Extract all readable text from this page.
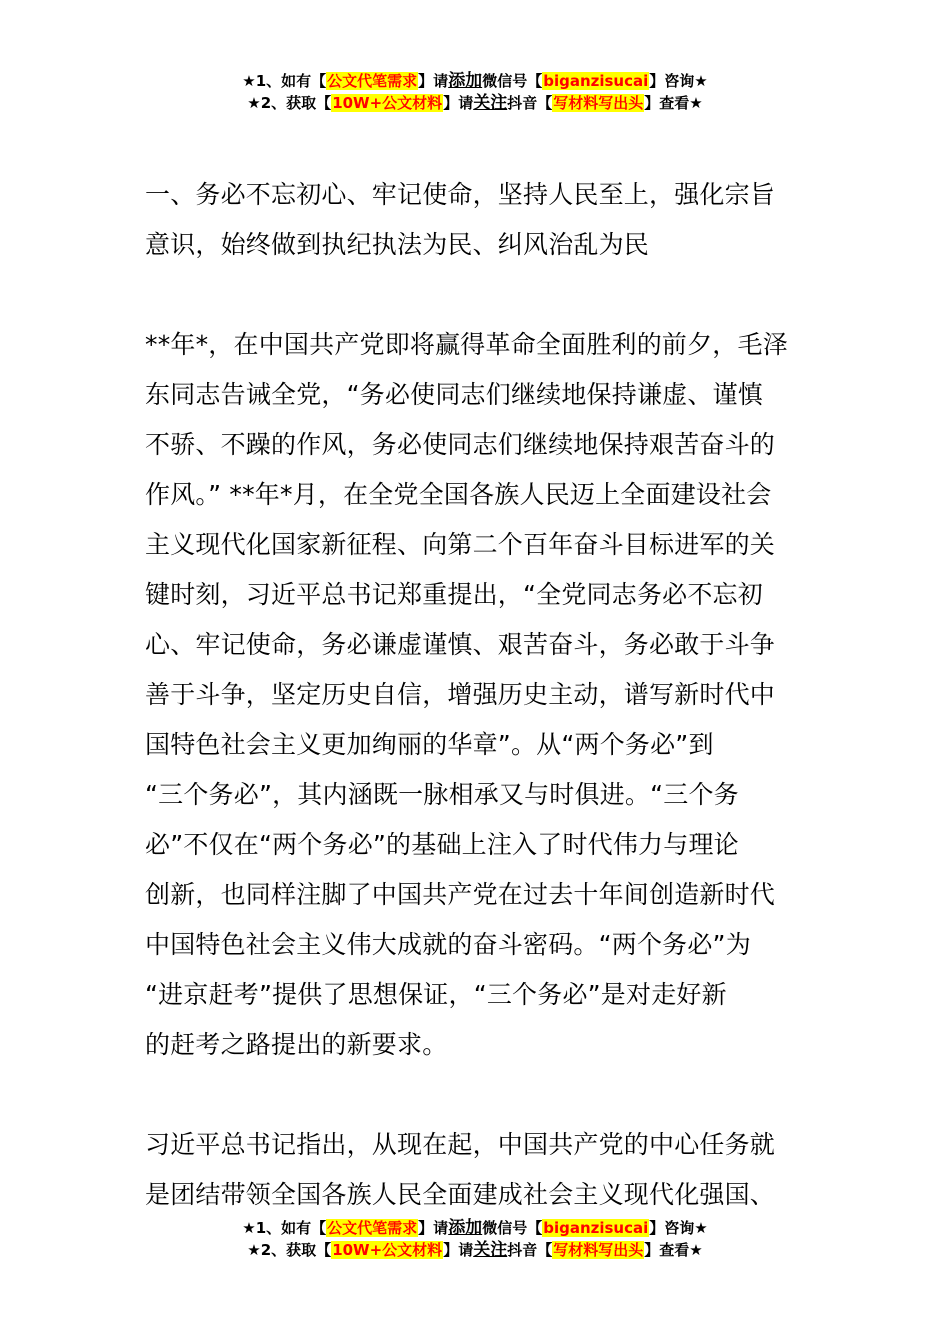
★1、如有【公文代笔需求】请添加微信号【biganzisucai】咨询★
★2、获取【10W+公文材料】请关注抖音【写材料写出头】查看★
一、务必不忘初心、牢记使命，坚持人民至上，强化宗旨
意识，始终做到执纪执法为民、纠风治乱为民
**年*，在中国共产党即将赢得革命全面胜利的前夕，毛泽
东同志告诫全党，“务必使同志们继续地保持谦虚、谨慎
不骄、不躁的作风，务必使同志们继续地保持艰苦奋斗的
作风。” **年*月，在全党全国各族人民迈上全面建设社会
主义现代化国家新征程、向第二个百年奋斗目标进军的关
键时刻，习近平总书记郑重提出，“全党同志务必不忘初
心、牢记使命，务必谦虚谨慎、艰苦奋斗，务必敢于斗争
善于斗争，坚定历史自信，增强历史主动，谱写新时代中
国特色社会主义更加绚丽的华章”。从“两个务必”到
“三个务必”，其内涵既一脉相承又与时俱进。“三个务
必”不仅在“两个务必”的基础上注入了时代伟力与理论
创新，也同样注脚了中国共产党在过去十年间创造新时代
中国特色社会主义伟大成就的奋斗密码。“两个务必”为
“进京赶考”提供了思想保证，“三个务必”是对走好新
的赶考之路提出的新要求。
习近平总书记指出，从现在起，中国共产党的中心任务就
是团结带领全国各族人民全面建成社会主义现代化强国、
★1、如有【公文代笔需求】请添加微信号【biganzisucai】咨询★
★2、获取【10W+公文材料】请关注抖音【写材料写出头】查看★
